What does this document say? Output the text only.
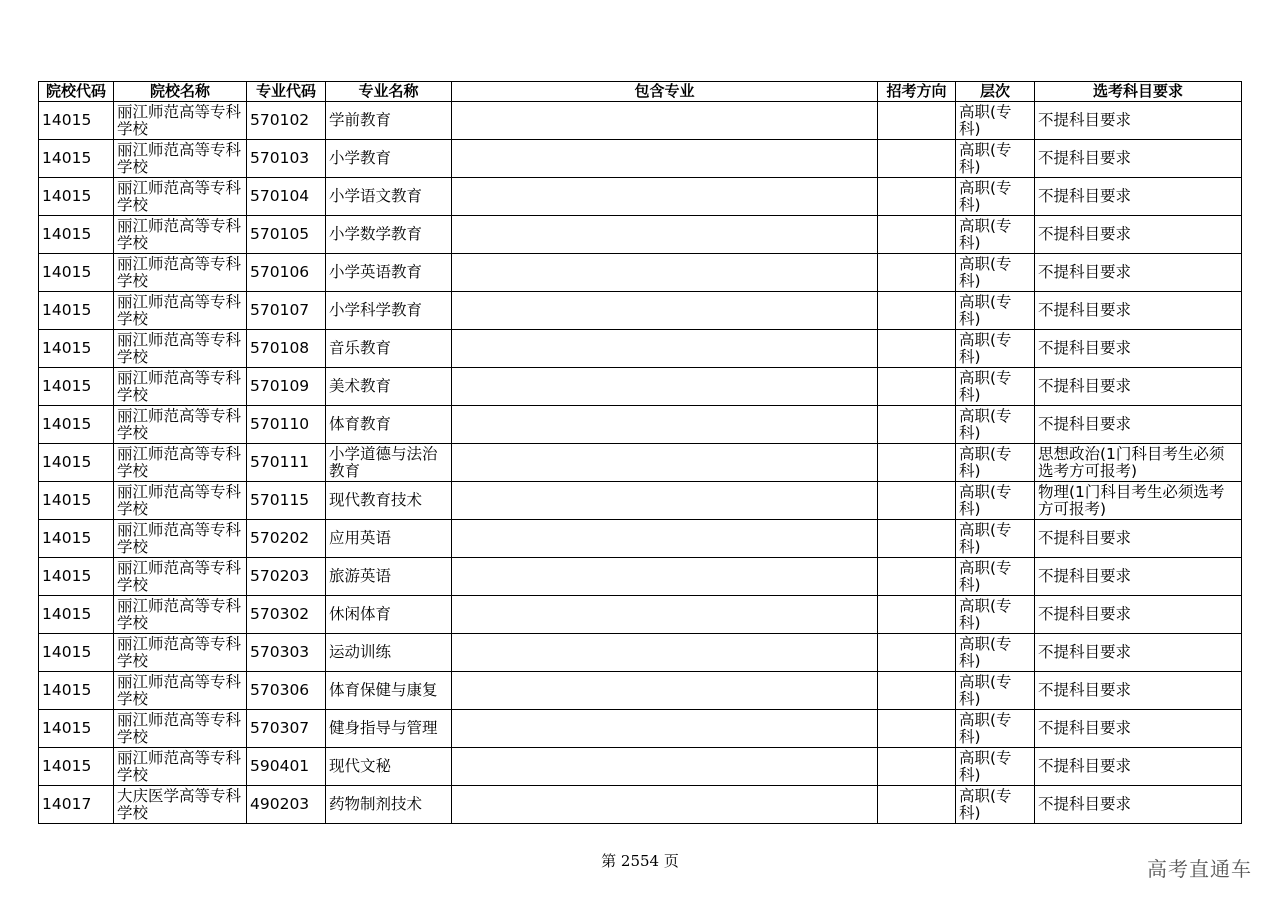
院校代码	院校名称	专业代码	专业名称	包含专业	招考方向	层次	选考科目要求
14015	丽江师范高等专科学校	570102	学前教育			高职(专科)	不提科目要求
14015	丽江师范高等专科学校	570103	小学教育			高职(专科)	不提科目要求
14015	丽江师范高等专科学校	570104	小学语文教育			高职(专科)	不提科目要求
14015	丽江师范高等专科学校	570105	小学数学教育			高职(专科)	不提科目要求
14015	丽江师范高等专科学校	570106	小学英语教育			高职(专科)	不提科目要求
14015	丽江师范高等专科学校	570107	小学科学教育			高职(专科)	不提科目要求
14015	丽江师范高等专科学校	570108	音乐教育			高职(专科)	不提科目要求
14015	丽江师范高等专科学校	570109	美术教育			高职(专科)	不提科目要求
14015	丽江师范高等专科学校	570110	体育教育			高职(专科)	不提科目要求
14015	丽江师范高等专科学校	570111	小学道德与法治教育			高职(专科)	思想政治(1门科目考生必须选考方可报考)
14015	丽江师范高等专科学校	570115	现代教育技术			高职(专科)	物理(1门科目考生必须选考方可报考)
14015	丽江师范高等专科学校	570202	应用英语			高职(专科)	不提科目要求
14015	丽江师范高等专科学校	570203	旅游英语			高职(专科)	不提科目要求
14015	丽江师范高等专科学校	570302	休闲体育			高职(专科)	不提科目要求
14015	丽江师范高等专科学校	570303	运动训练			高职(专科)	不提科目要求
14015	丽江师范高等专科学校	570306	体育保健与康复			高职(专科)	不提科目要求
14015	丽江师范高等专科学校	570307	健身指导与管理			高职(专科)	不提科目要求
14015	丽江师范高等专科学校	590401	现代文秘			高职(专科)	不提科目要求
14017	大庆医学高等专科学校	490203	药物制剂技术			高职(专科)	不提科目要求
第 2554 页	高考直通车
